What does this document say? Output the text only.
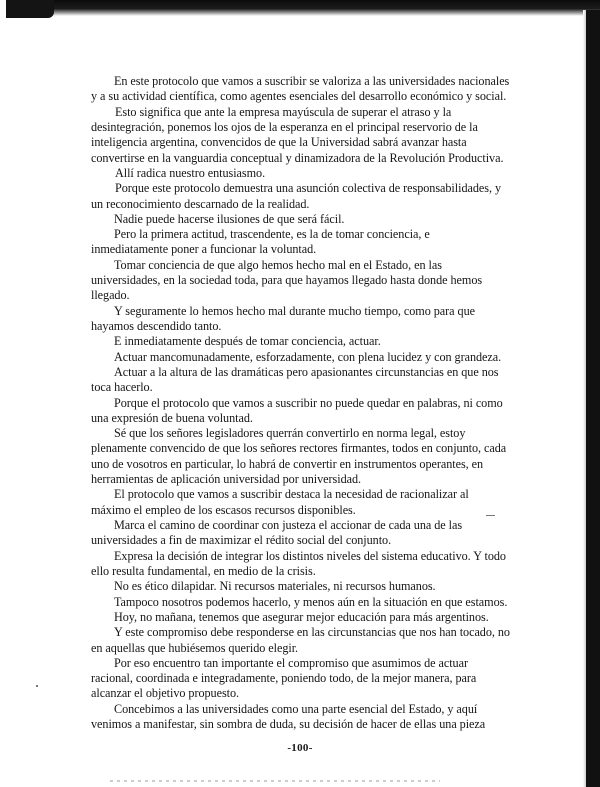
En este protocolo que vamos a suscribir se valoriza a las universidades nacionales
y a su actividad científica, como agentes esenciales del desarrollo económico y social.
Esto significa que ante la empresa mayúscula de superar el atraso y la
desintegración, ponemos los ojos de la esperanza en el principal reservorio de la
inteligencia argentina, convencidos de que la Universidad sabrá avanzar hasta
convertirse en la vanguardia conceptual y dinamizadora de la Revolución Productiva.
Allí radica nuestro entusiasmo.
Porque este protocolo demuestra una asunción colectiva de responsabilidades, y
un reconocimiento descarnado de la realidad.
Nadie puede hacerse ilusiones de que será fácil.
Pero la primera actitud, trascendente, es la de tomar conciencia, e
inmediatamente poner a funcionar la voluntad.
Tomar conciencia de que algo hemos hecho mal en el Estado, en las
universidades, en la sociedad toda, para que hayamos llegado hasta donde hemos
llegado.
Y seguramente lo hemos hecho mal durante mucho tiempo, como para que
hayamos descendido tanto.
E inmediatamente después de tomar conciencia, actuar.
Actuar mancomunadamente, esforzadamente, con plena lucidez y con grandeza.
Actuar a la altura de las dramáticas pero apasionantes circunstancias en que nos
toca hacerlo.
Porque el protocolo que vamos a suscribir no puede quedar en palabras, ni como
una expresión de buena voluntad.
Sé que los señores legisladores querrán convertirlo en norma legal, estoy
plenamente convencido de que los señores rectores firmantes, todos en conjunto, cada
uno de vosotros en particular, lo habrá de convertir en instrumentos operantes, en
herramientas de aplicación universidad por universidad.
El protocolo que vamos a suscribir destaca la necesidad de racionalizar al
máximo el empleo de los escasos recursos disponibles.
Marca el camino de coordinar con justeza el accionar de cada una de las
universidades a fin de maximizar el rédito social del conjunto.
Expresa la decisión de integrar los distintos niveles del sistema educativo. Y todo
ello resulta fundamental, en medio de la crisis.
No es ético dilapidar. Ni recursos materiales, ni recursos humanos.
Tampoco nosotros podemos hacerlo, y menos aún en la situación en que estamos.
Hoy, no mañana, tenemos que asegurar mejor educación para más argentinos.
Y este compromiso debe responderse en las circunstancias que nos han tocado, no
en aquellas que hubiésemos querido elegir.
Por eso encuentro tan importante el compromiso que asumimos de actuar
racional, coordinada e integradamente, poniendo todo, de la mejor manera, para
alcanzar el objetivo propuesto.
Concebimos a las universidades como una parte esencial del Estado, y aquí
venimos a manifestar, sin sombra de duda, su decisión de hacer de ellas una pieza
-100-
